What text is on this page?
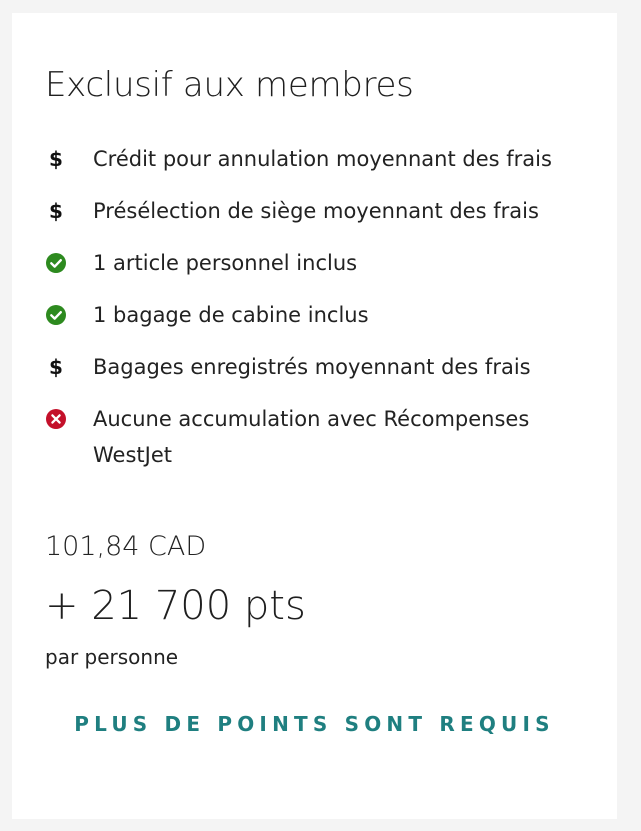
Exclusif aux membres
$ Crédit pour annulation moyennant des frais
$ Présélection de siège moyennant des frais
1 article personnel inclus
1 bagage de cabine inclus
$ Bagages enregistrés moyennant des frais
Aucune accumulation avec Récompenses WestJet

101,84 CAD

+ 21 700 pts

par personne

PLUS DE POINTS SONT REQUIS
